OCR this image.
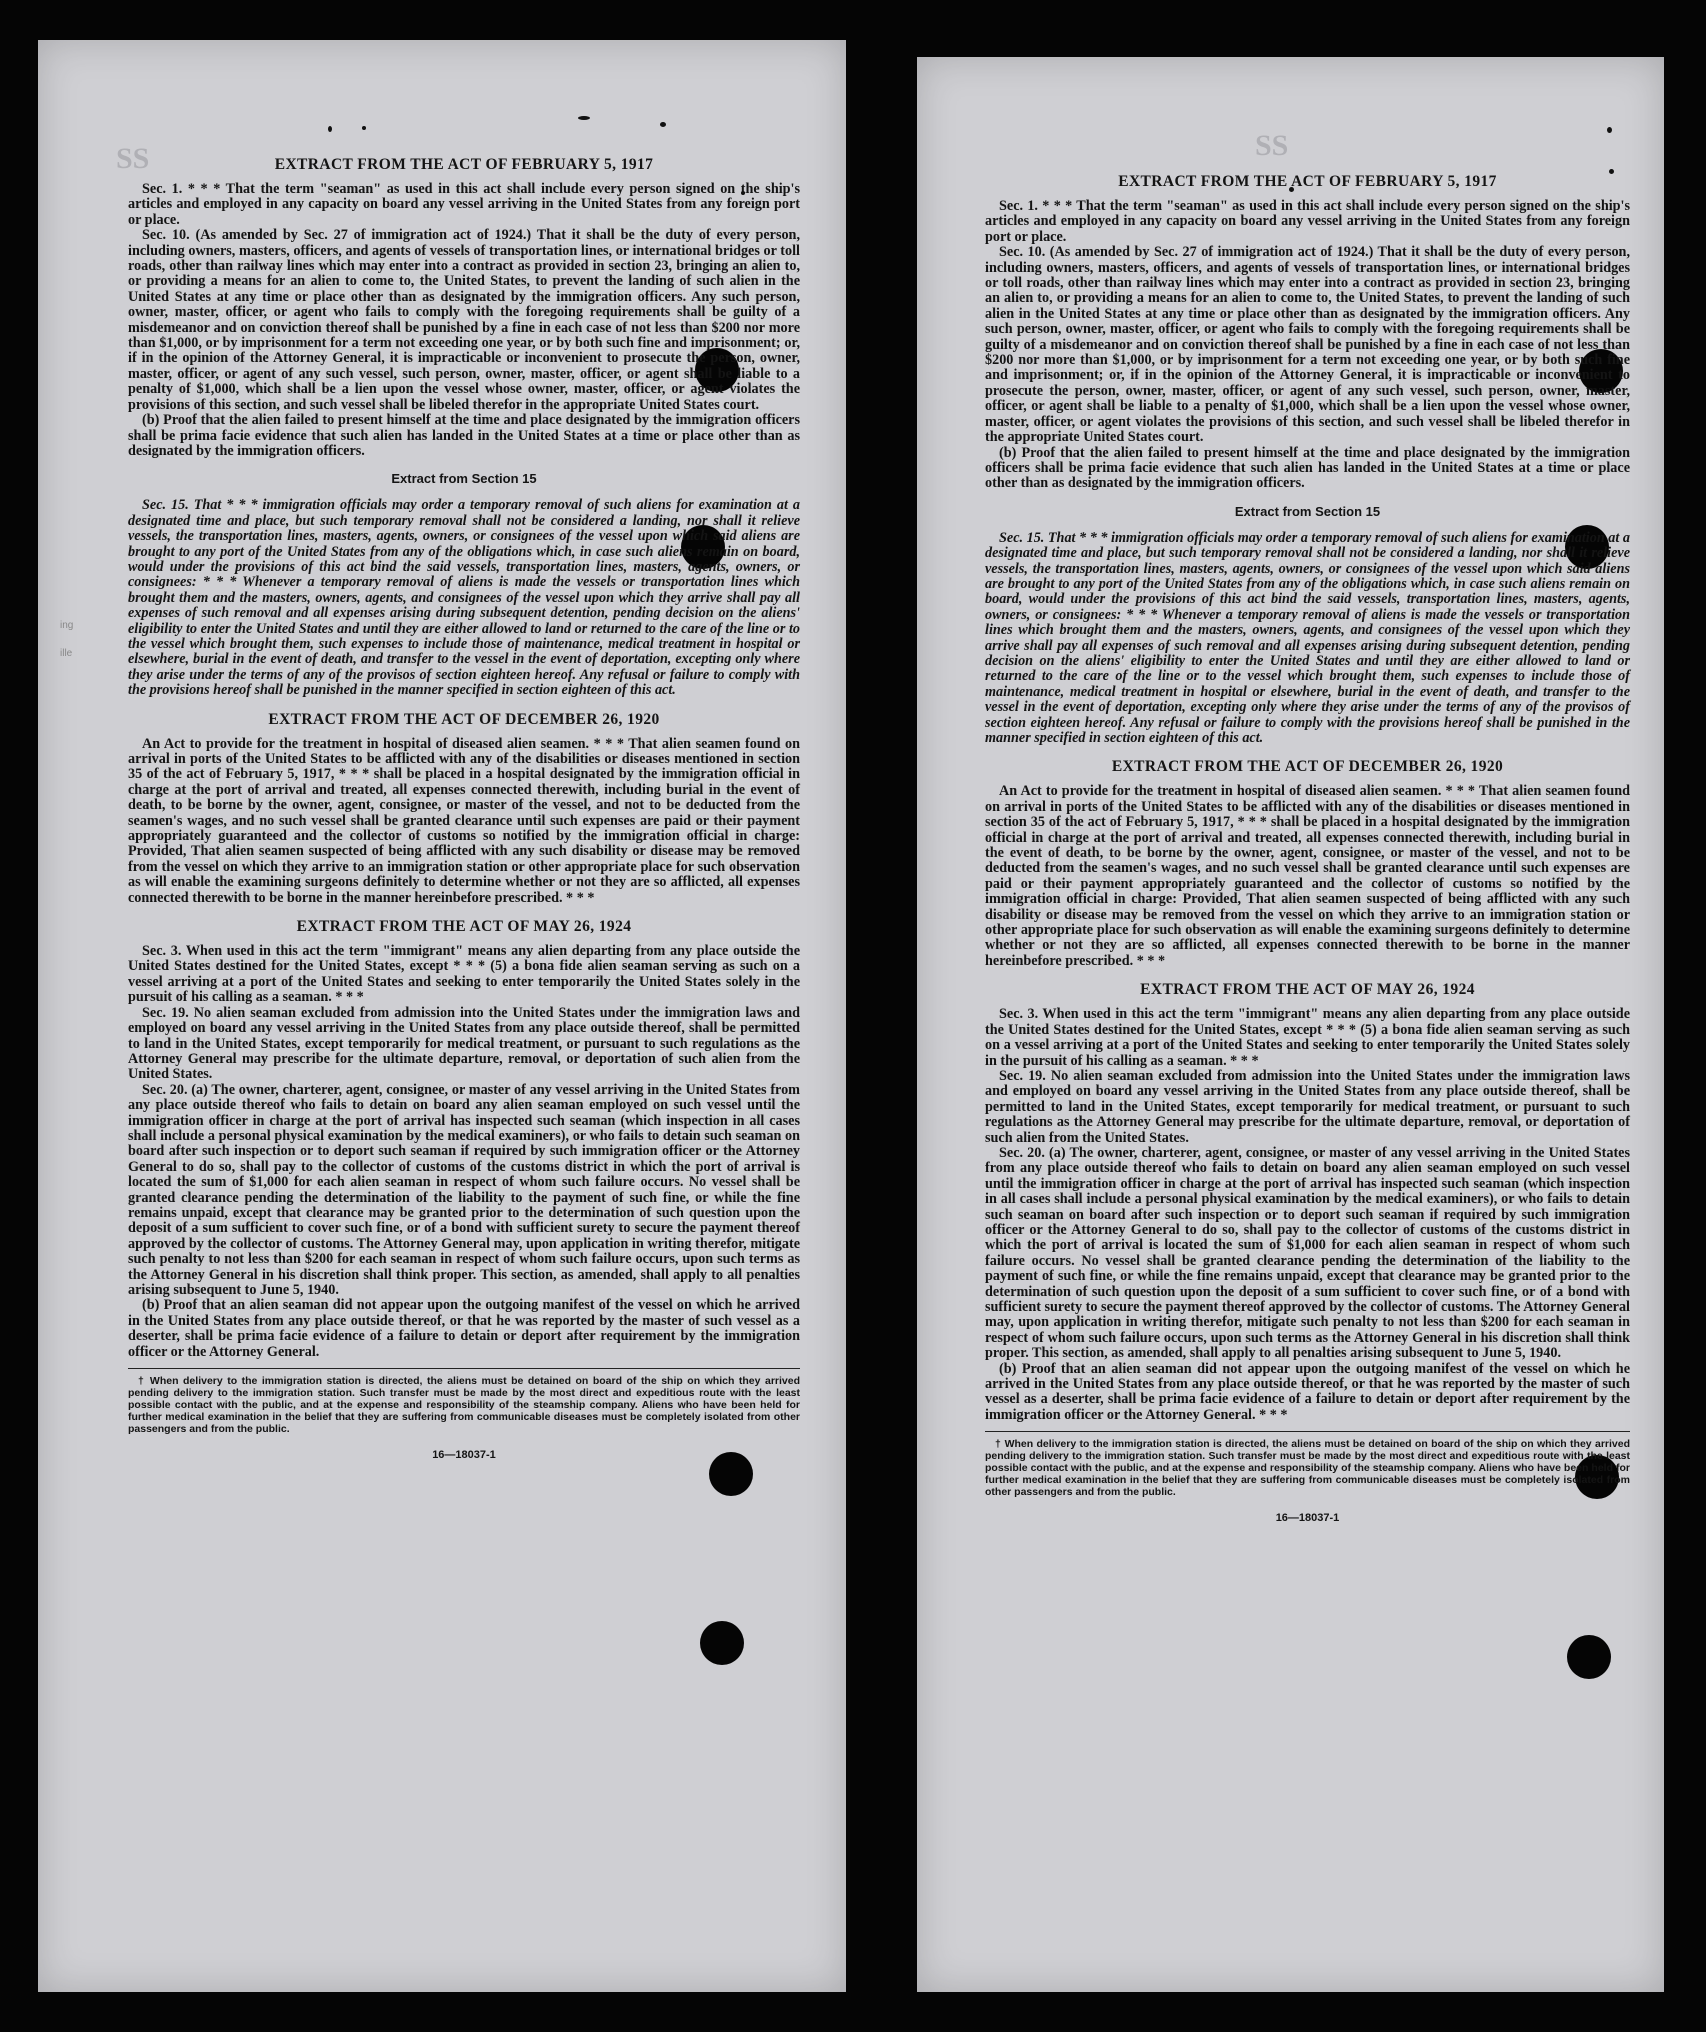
SS
ing
ille
EXTRACT FROM THE ACT OF FEBRUARY 5, 1917

Sec. 1. * * * That the term "seaman" as used in this act shall include every person signed on the ship's articles and employed in any capacity on board any vessel arriving in the United States from any foreign port or place.

Sec. 10. (As amended by Sec. 27 of immigration act of 1924.) That it shall be the duty of every person, including owners, masters, officers, and agents of vessels of transportation lines, or international bridges or toll roads, other than railway lines which may enter into a contract as provided in section 23, bringing an alien to, or providing a means for an alien to come to, the United States, to prevent the landing of such alien in the United States at any time or place other than as designated by the immigration officers. Any such person, owner, master, officer, or agent who fails to comply with the foregoing requirements shall be guilty of a misdemeanor and on conviction thereof shall be punished by a fine in each case of not less than $200 nor more than $1,000, or by imprisonment for a term not exceeding one year, or by both such fine and imprisonment; or, if in the opinion of the Attorney General, it is impracticable or inconvenient to prosecute the person, owner, master, officer, or agent of any such vessel, such person, owner, master, officer, or agent shall be liable to a penalty of $1,000, which shall be a lien upon the vessel whose owner, master, officer, or agent violates the provisions of this section, and such vessel shall be libeled therefor in the appropriate United States court.

(b) Proof that the alien failed to present himself at the time and place designated by the immigration officers shall be prima facie evidence that such alien has landed in the United States at a time or place other than as designated by the immigration officers.

Extract from Section 15

Sec. 15. That * * * immigration officials may order a temporary removal of such aliens for examination at a designated time and place, but such temporary removal shall not be considered a landing, nor shall it relieve vessels, the transportation lines, masters, agents, owners, or consignees of the vessel upon which said aliens are brought to any port of the United States from any of the obligations which, in case such aliens remain on board, would under the provisions of this act bind the said vessels, transportation lines, masters, agents, owners, or consignees: * * * Whenever a temporary removal of aliens is made the vessels or transportation lines which brought them and the masters, owners, agents, and consignees of the vessel upon which they arrive shall pay all expenses of such removal and all expenses arising during subsequent detention, pending decision on the aliens' eligibility to enter the United States and until they are either allowed to land or returned to the care of the line or to the vessel which brought them, such expenses to include those of maintenance, medical treatment in hospital or elsewhere, burial in the event of death, and transfer to the vessel in the event of deportation, excepting only where they arise under the terms of any of the provisos of section eighteen hereof. Any refusal or failure to comply with the provisions hereof shall be punished in the manner specified in section eighteen of this act.

EXTRACT FROM THE ACT OF DECEMBER 26, 1920

An Act to provide for the treatment in hospital of diseased alien seamen. * * * That alien seamen found on arrival in ports of the United States to be afflicted with any of the disabilities or diseases mentioned in section 35 of the act of February 5, 1917, * * * shall be placed in a hospital designated by the immigration official in charge at the port of arrival and treated, all expenses connected therewith, including burial in the event of death, to be borne by the owner, agent, consignee, or master of the vessel, and not to be deducted from the seamen's wages, and no such vessel shall be granted clearance until such expenses are paid or their payment appropriately guaranteed and the collector of customs so notified by the immigration official in charge: Provided, That alien seamen suspected of being afflicted with any such disability or disease may be removed from the vessel on which they arrive to an immigration station or other appropriate place for such observation as will enable the examining surgeons definitely to determine whether or not they are so afflicted, all expenses connected therewith to be borne in the manner hereinbefore prescribed. * * *

EXTRACT FROM THE ACT OF MAY 26, 1924

Sec. 3. When used in this act the term "immigrant" means any alien departing from any place outside the United States destined for the United States, except * * * (5) a bona fide alien seaman serving as such on a vessel arriving at a port of the United States and seeking to enter temporarily the United States solely in the pursuit of his calling as a seaman. * * *

Sec. 19. No alien seaman excluded from admission into the United States under the immigration laws and employed on board any vessel arriving in the United States from any place outside thereof, shall be permitted to land in the United States, except temporarily for medical treatment, or pursuant to such regulations as the Attorney General may prescribe for the ultimate departure, removal, or deportation of such alien from the United States.

Sec. 20. (a) The owner, charterer, agent, consignee, or master of any vessel arriving in the United States from any place outside thereof who fails to detain on board any alien seaman employed on such vessel until the immigration officer in charge at the port of arrival has inspected such seaman (which inspection in all cases shall include a personal physical examination by the medical examiners), or who fails to detain such seaman on board after such inspection or to deport such seaman if required by such immigration officer or the Attorney General to do so, shall pay to the collector of customs of the customs district in which the port of arrival is located the sum of $1,000 for each alien seaman in respect of whom such failure occurs. No vessel shall be granted clearance pending the determination of the liability to the payment of such fine, or while the fine remains unpaid, except that clearance may be granted prior to the determination of such question upon the deposit of a sum sufficient to cover such fine, or of a bond with sufficient surety to secure the payment thereof approved by the collector of customs. The Attorney General may, upon application in writing therefor, mitigate such penalty to not less than $200 for each seaman in respect of whom such failure occurs, upon such terms as the Attorney General in his discretion shall think proper. This section, as amended, shall apply to all penalties arising subsequent to June 5, 1940.

(b) Proof that an alien seaman did not appear upon the outgoing manifest of the vessel on which he arrived in the United States from any place outside thereof, or that he was reported by the master of such vessel as a deserter, shall be prima facie evidence of a failure to detain or deport after requirement by the immigration officer or the Attorney General.

† When delivery to the immigration station is directed, the aliens must be detained on board of the ship on which they arrived pending delivery to the immigration station. Such transfer must be made by the most direct and expeditious route with the least possible contact with the public, and at the expense and responsibility of the steamship company. Aliens who have been held for further medical examination in the belief that they are suffering from communicable diseases must be completely isolated from other passengers and from the public.

16—18037-1
SS
EXTRACT FROM THE ACT OF FEBRUARY 5, 1917

Sec. 1. * * * That the term "seaman" as used in this act shall include every person signed on the ship's articles and employed in any capacity on board any vessel arriving in the United States from any foreign port or place.

Sec. 10. (As amended by Sec. 27 of immigration act of 1924.) That it shall be the duty of every person, including owners, masters, officers, and agents of vessels of transportation lines, or international bridges or toll roads, other than railway lines which may enter into a contract as provided in section 23, bringing an alien to, or providing a means for an alien to come to, the United States, to prevent the landing of such alien in the United States at any time or place other than as designated by the immigration officers. Any such person, owner, master, officer, or agent who fails to comply with the foregoing requirements shall be guilty of a misdemeanor and on conviction thereof shall be punished by a fine in each case of not less than $200 nor more than $1,000, or by imprisonment for a term not exceeding one year, or by both such fine and imprisonment; or, if in the opinion of the Attorney General, it is impracticable or inconvenient to prosecute the person, owner, master, officer, or agent of any such vessel, such person, owner, master, officer, or agent shall be liable to a penalty of $1,000, which shall be a lien upon the vessel whose owner, master, officer, or agent violates the provisions of this section, and such vessel shall be libeled therefor in the appropriate United States court.

(b) Proof that the alien failed to present himself at the time and place designated by the immigration officers shall be prima facie evidence that such alien has landed in the United States at a time or place other than as designated by the immigration officers.

Extract from Section 15

Sec. 15. That * * * immigration officials may order a temporary removal of such aliens for examination at a designated time and place, but such temporary removal shall not be considered a landing, nor shall it relieve vessels, the transportation lines, masters, agents, owners, or consignees of the vessel upon which said aliens are brought to any port of the United States from any of the obligations which, in case such aliens remain on board, would under the provisions of this act bind the said vessels, transportation lines, masters, agents, owners, or consignees: * * * Whenever a temporary removal of aliens is made the vessels or transportation lines which brought them and the masters, owners, agents, and consignees of the vessel upon which they arrive shall pay all expenses of such removal and all expenses arising during subsequent detention, pending decision on the aliens' eligibility to enter the United States and until they are either allowed to land or returned to the care of the line or to the vessel which brought them, such expenses to include those of maintenance, medical treatment in hospital or elsewhere, burial in the event of death, and transfer to the vessel in the event of deportation, excepting only where they arise under the terms of any of the provisos of section eighteen hereof. Any refusal or failure to comply with the provisions hereof shall be punished in the manner specified in section eighteen of this act.

EXTRACT FROM THE ACT OF DECEMBER 26, 1920

An Act to provide for the treatment in hospital of diseased alien seamen. * * * That alien seamen found on arrival in ports of the United States to be afflicted with any of the disabilities or diseases mentioned in section 35 of the act of February 5, 1917, * * * shall be placed in a hospital designated by the immigration official in charge at the port of arrival and treated, all expenses connected therewith, including burial in the event of death, to be borne by the owner, agent, consignee, or master of the vessel, and not to be deducted from the seamen's wages, and no such vessel shall be granted clearance until such expenses are paid or their payment appropriately guaranteed and the collector of customs so notified by the immigration official in charge: Provided, That alien seamen suspected of being afflicted with any such disability or disease may be removed from the vessel on which they arrive to an immigration station or other appropriate place for such observation as will enable the examining surgeons definitely to determine whether or not they are so afflicted, all expenses connected therewith to be borne in the manner hereinbefore prescribed. * * *

EXTRACT FROM THE ACT OF MAY 26, 1924

Sec. 3. When used in this act the term "immigrant" means any alien departing from any place outside the United States destined for the United States, except * * * (5) a bona fide alien seaman serving as such on a vessel arriving at a port of the United States and seeking to enter temporarily the United States solely in the pursuit of his calling as a seaman. * * *

Sec. 19. No alien seaman excluded from admission into the United States under the immigration laws and employed on board any vessel arriving in the United States from any place outside thereof, shall be permitted to land in the United States, except temporarily for medical treatment, or pursuant to such regulations as the Attorney General may prescribe for the ultimate departure, removal, or deportation of such alien from the United States.

Sec. 20. (a) The owner, charterer, agent, consignee, or master of any vessel arriving in the United States from any place outside thereof who fails to detain on board any alien seaman employed on such vessel until the immigration officer in charge at the port of arrival has inspected such seaman (which inspection in all cases shall include a personal physical examination by the medical examiners), or who fails to detain such seaman on board after such inspection or to deport such seaman if required by such immigration officer or the Attorney General to do so, shall pay to the collector of customs of the customs district in which the port of arrival is located the sum of $1,000 for each alien seaman in respect of whom such failure occurs. No vessel shall be granted clearance pending the determination of the liability to the payment of such fine, or while the fine remains unpaid, except that clearance may be granted prior to the determination of such question upon the deposit of a sum sufficient to cover such fine, or of a bond with sufficient surety to secure the payment thereof approved by the collector of customs. The Attorney General may, upon application in writing therefor, mitigate such penalty to not less than $200 for each seaman in respect of whom such failure occurs, upon such terms as the Attorney General in his discretion shall think proper. This section, as amended, shall apply to all penalties arising subsequent to June 5, 1940.

(b) Proof that an alien seaman did not appear upon the outgoing manifest of the vessel on which he arrived in the United States from any place outside thereof, or that he was reported by the master of such vessel as a deserter, shall be prima facie evidence of a failure to detain or deport after requirement by the immigration officer or the Attorney General. * * *

† When delivery to the immigration station is directed, the aliens must be detained on board of the ship on which they arrived pending delivery to the immigration station. Such transfer must be made by the most direct and expeditious route with the least possible contact with the public, and at the expense and responsibility of the steamship company. Aliens who have been held for further medical examination in the belief that they are suffering from communicable diseases must be completely isolated from other passengers and from the public.

16—18037-1
